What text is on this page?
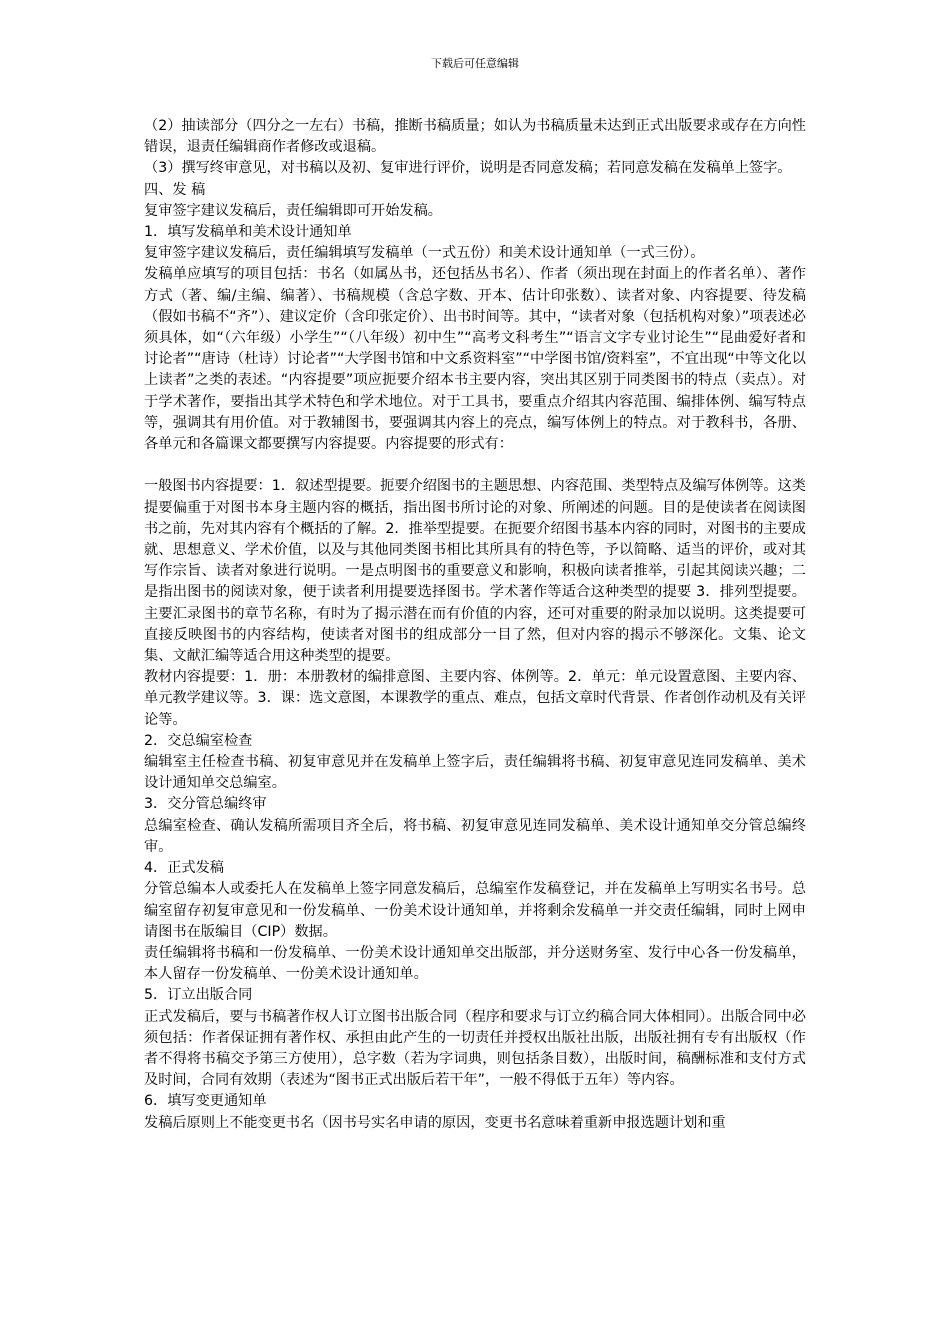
下载后可任意编辑

（2）抽读部分（四分之一左右）书稿，推断书稿质量；如认为书稿质量未达到正式出版要求或存在方向性错误，退责任编辑商作者修改或退稿。

（3）撰写终审意见，对书稿以及初、复审进行评价，说明是否同意发稿；若同意发稿在发稿单上签字。

四、发 稿

复审签字建议发稿后，责任编辑即可开始发稿。

1．填写发稿单和美术设计通知单

复审签字建议发稿后，责任编辑填写发稿单（一式五份）和美术设计通知单（一式三份）。

发稿单应填写的项目包括：书名（如属丛书，还包括丛书名）、作者（须出现在封面上的作者名单）、著作方式（著、编/主编、编著）、书稿规模（含总字数、开本、估计印张数）、读者对象、内容提要、待发稿（假如书稿不“齐”）、建议定价（含印张定价）、出书时间等。其中，“读者对象（包括机构对象）”项表述必须具体，如“（六年级）小学生”“（八年级）初中生”“高考文科考生”“语言文字专业讨论生”“昆曲爱好者和讨论者”“唐诗（杜诗）讨论者”“大学图书馆和中文系资料室”“中学图书馆/资料室”，不宜出现“中等文化以上读者”之类的表述。“内容提要”项应扼要介绍本书主要内容，突出其区别于同类图书的特点（卖点）。对于学术著作，要指出其学术特色和学术地位。对于工具书，要重点介绍其内容范围、编排体例、编写特点等，强调其有用价值。对于教辅图书，要强调其内容上的亮点，编写体例上的特点。对于教科书，各册、各单元和各篇课文都要撰写内容提要。内容提要的形式有：

一般图书内容提要：1．叙述型提要。扼要介绍图书的主题思想、内容范围、类型特点及编写体例等。这类提要偏重于对图书本身主题内容的概括，指出图书所讨论的对象、所阐述的问题。目的是使读者在阅读图书之前，先对其内容有个概括的了解。2．推举型提要。在扼要介绍图书基本内容的同时，对图书的主要成就、思想意义、学术价值，以及与其他同类图书相比其所具有的特色等，予以简略、适当的评价，或对其写作宗旨、读者对象进行说明。一是点明图书的重要意义和影响，积极向读者推举，引起其阅读兴趣；二是指出图书的阅读对象，便于读者利用提要选择图书。学术著作等适合这种类型的提要 3．排列型提要。主要汇录图书的章节名称，有时为了揭示潜在而有价值的内容，还可对重要的附录加以说明。这类提要可直接反映图书的内容结构，使读者对图书的组成部分一目了然，但对内容的揭示不够深化。文集、论文集、文献汇编等适合用这种类型的提要。

教材内容提要：1．册：本册教材的编排意图、主要内容、体例等。2．单元：单元设置意图、主要内容、单元教学建议等。3．课：选文意图，本课教学的重点、难点，包括文章时代背景、作者创作动机及有关评论等。

2．交总编室检查

编辑室主任检查书稿、初复审意见并在发稿单上签字后，责任编辑将书稿、初复审意见连同发稿单、美术设计通知单交总编室。

3．交分管总编终审

总编室检查、确认发稿所需项目齐全后，将书稿、初复审意见连同发稿单、美术设计通知单交分管总编终审。

4．正式发稿

分管总编本人或委托人在发稿单上签字同意发稿后，总编室作发稿登记，并在发稿单上写明实名书号。总编室留存初复审意见和一份发稿单、一份美术设计通知单，并将剩余发稿单一并交责任编辑，同时上网申请图书在版编目（CIP）数据。

责任编辑将书稿和一份发稿单、一份美术设计通知单交出版部，并分送财务室、发行中心各一份发稿单，本人留存一份发稿单、一份美术设计通知单。

5．订立出版合同

正式发稿后，要与书稿著作权人订立图书出版合同（程序和要求与订立约稿合同大体相同）。出版合同中必须包括：作者保证拥有著作权、承担由此产生的一切责任并授权出版社出版，出版社拥有专有出版权（作者不得将书稿交予第三方使用），总字数（若为字词典，则包括条目数），出版时间，稿酬标准和支付方式及时间，合同有效期（表述为“图书正式出版后若干年”，一般不得低于五年）等内容。

6．填写变更通知单

发稿后原则上不能变更书名（因书号实名申请的原因，变更书名意味着重新申报选题计划和重
